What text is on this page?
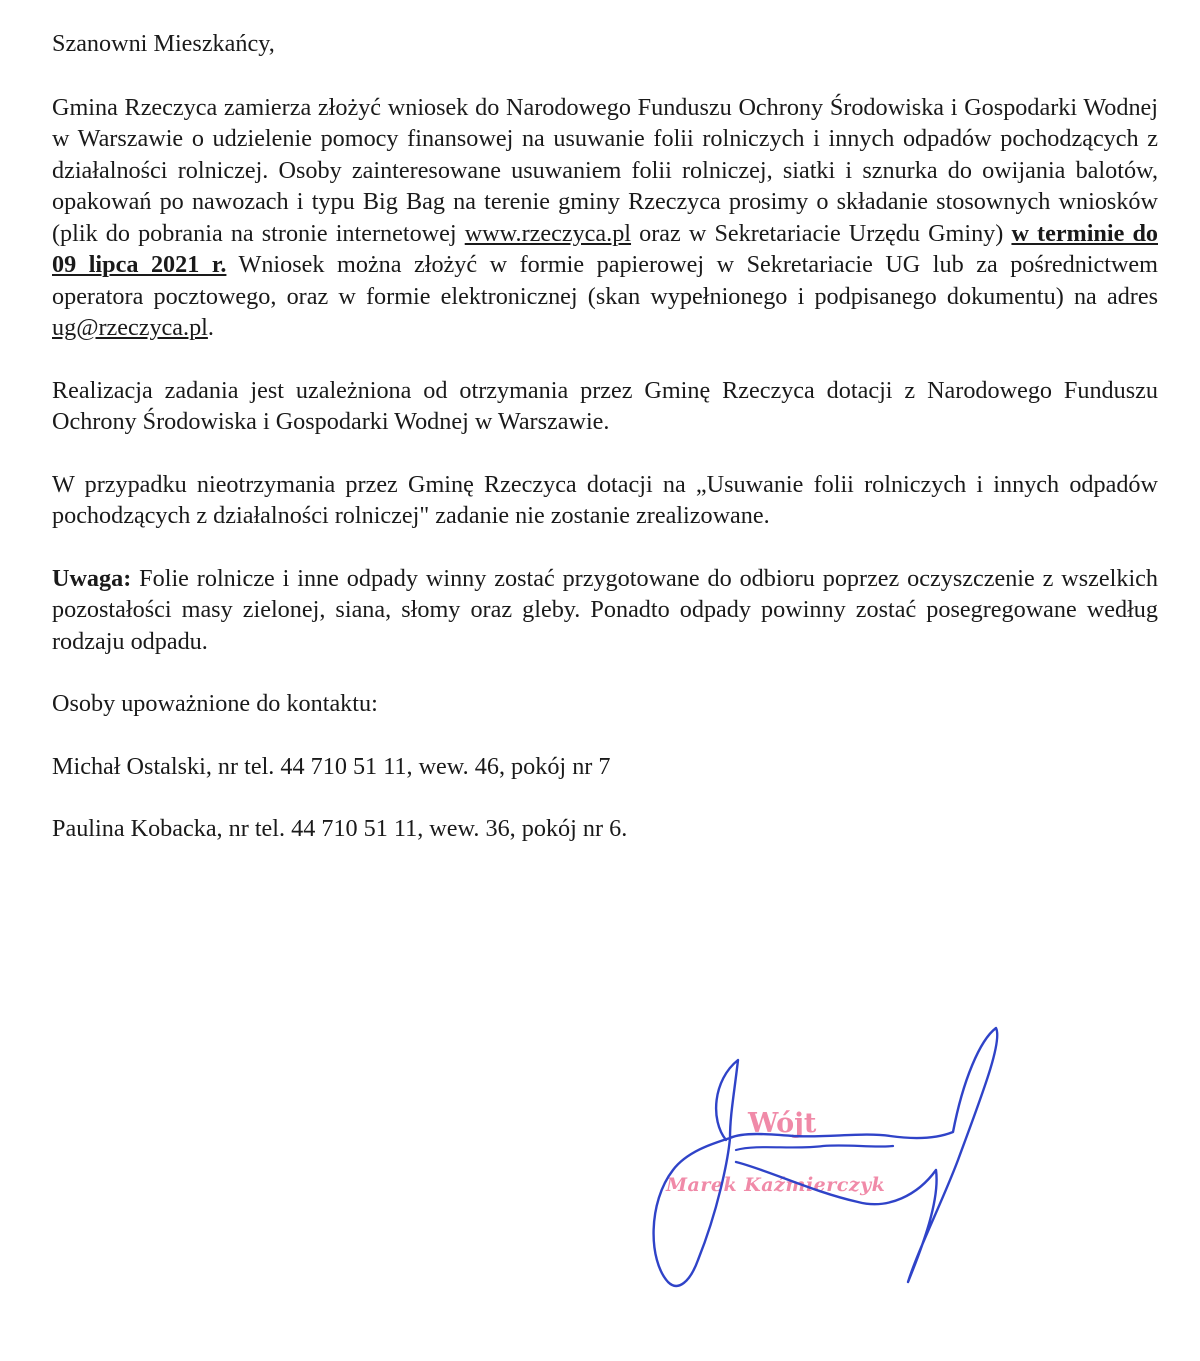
Szanowni Mieszkańcy,

Gmina Rzeczyca zamierza złożyć wniosek do Narodowego Funduszu Ochrony Środowiska i Gospodarki Wodnej w Warszawie o udzielenie pomocy finansowej na usuwanie folii rolniczych i innych odpadów pochodzących z działalności rolniczej. Osoby zainteresowane usuwaniem folii rolniczej, siatki i sznurka do owijania balotów, opakowań po nawozach i typu Big Bag na terenie gminy Rzeczyca prosimy o składanie stosownych wniosków (plik do pobrania na stronie internetowej www.rzeczyca.pl oraz w Sekretariacie Urzędu Gminy) w terminie do 09 lipca 2021 r. Wniosek można złożyć w formie papierowej w Sekretariacie UG lub za pośrednictwem operatora pocztowego, oraz w formie elektronicznej (skan wypełnionego i podpisanego dokumentu) na adres ug@rzeczyca.pl.

Realizacja zadania jest uzależniona od otrzymania przez Gminę Rzeczyca dotacji z Narodowego Funduszu Ochrony Środowiska i Gospodarki Wodnej w Warszawie.

W przypadku nieotrzymania przez Gminę Rzeczyca dotacji na „Usuwanie folii rolniczych i innych odpadów pochodzących z działalności rolniczej" zadanie nie zostanie zrealizowane.

Uwaga: Folie rolnicze i inne odpady winny zostać przygotowane do odbioru poprzez oczyszczenie z wszelkich pozostałości masy zielonej, siana, słomy oraz gleby. Ponadto odpady powinny zostać posegregowane według rodzaju odpadu.

Osoby upoważnione do kontaktu:

Michał Ostalski, nr tel. 44 710 51 11, wew. 46, pokój nr 7

Paulina Kobacka, nr tel. 44 710 51 11, wew. 36, pokój nr 6.

Wójt
Marek Kaźmierczyk
